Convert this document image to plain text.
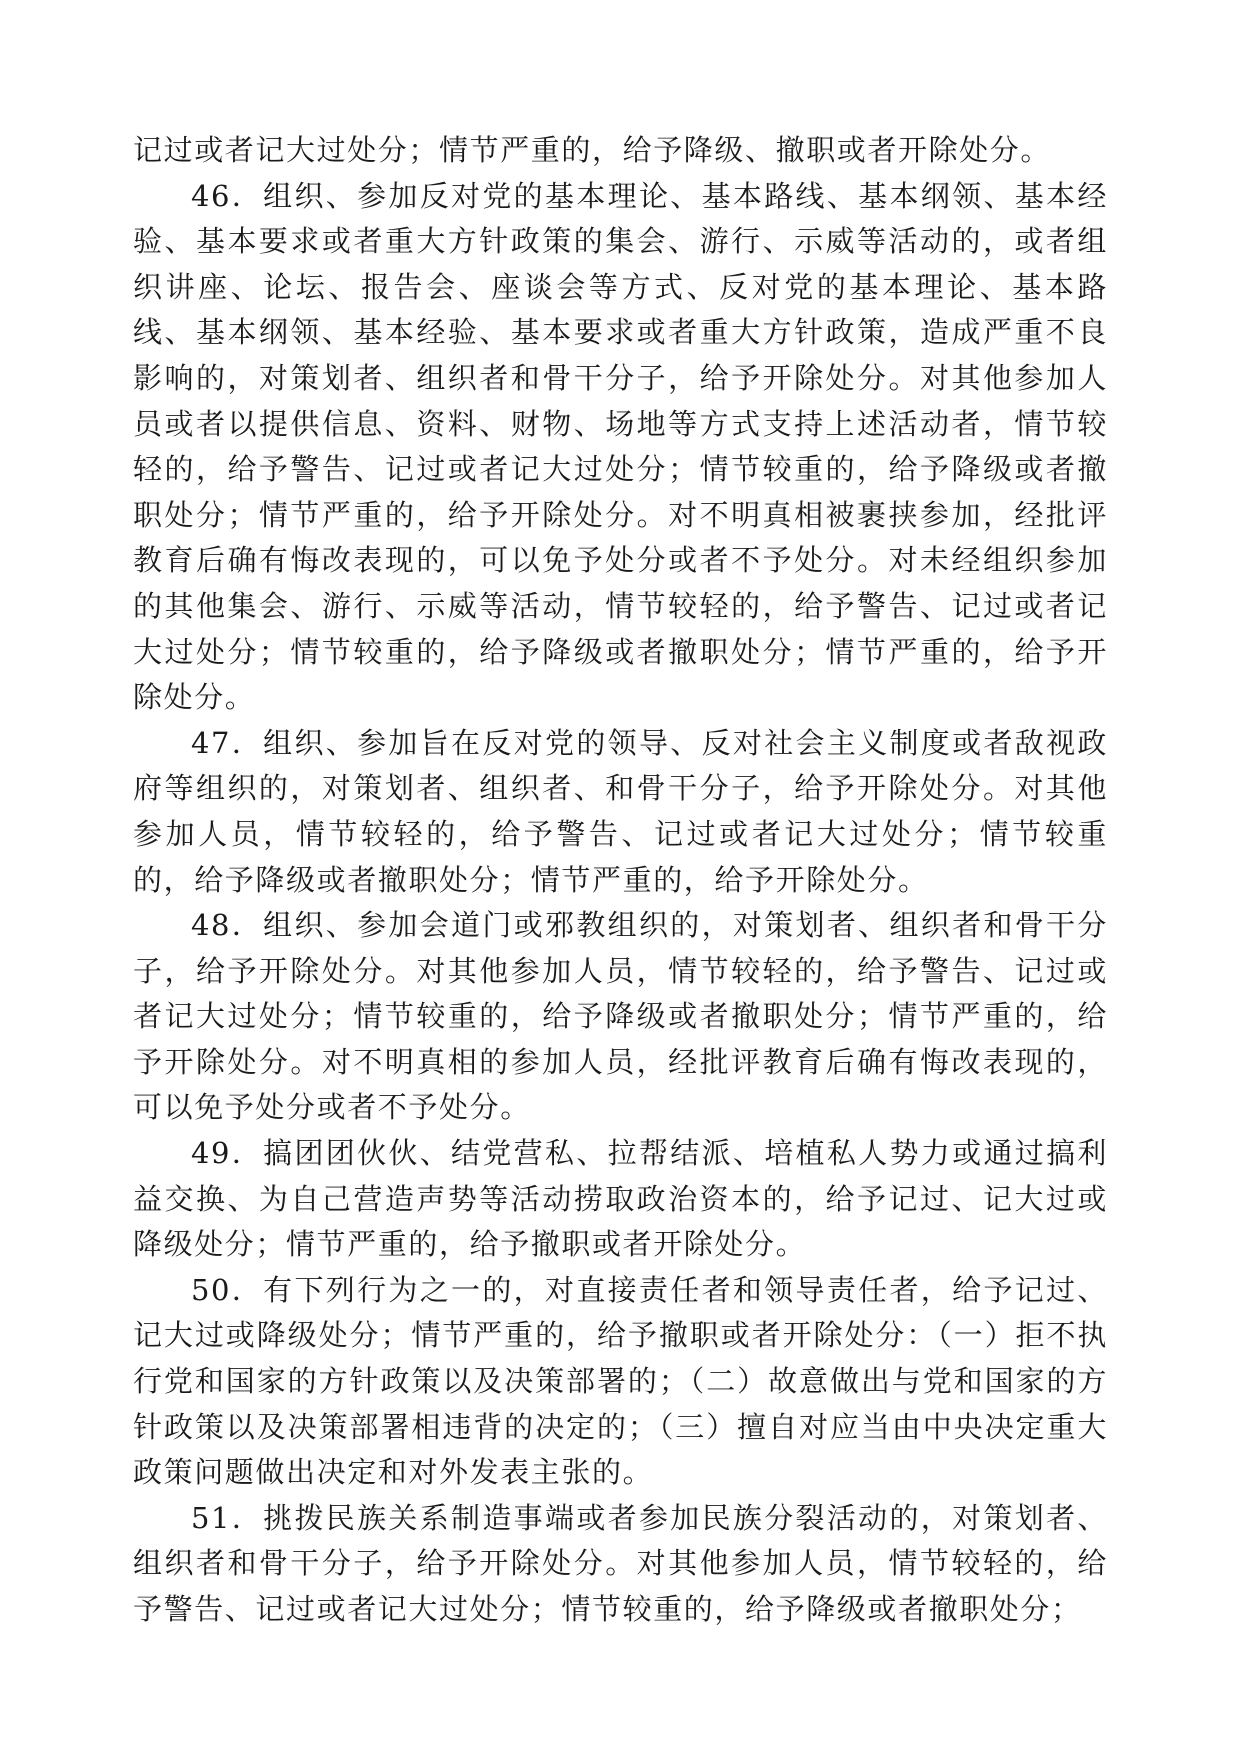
记过或者记大过处分；情节严重的，给予降级、撤职或者开除处分。

46．组织、参加反对党的基本理论、基本路线、基本纲领、基本经验、基本要求或者重大方针政策的集会、游行、示威等活动的，或者组织讲座、论坛、报告会、座谈会等方式、反对党的基本理论、基本路线、基本纲领、基本经验、基本要求或者重大方针政策，造成严重不良影响的，对策划者、组织者和骨干分子，给予开除处分。对其他参加人员或者以提供信息、资料、财物、场地等方式支持上述活动者，情节较轻的，给予警告、记过或者记大过处分；情节较重的，给予降级或者撤职处分；情节严重的，给予开除处分。对不明真相被裹挟参加，经批评教育后确有悔改表现的，可以免予处分或者不予处分。对未经组织参加的其他集会、游行、示威等活动，情节较轻的，给予警告、记过或者记大过处分；情节较重的，给予降级或者撤职处分；情节严重的，给予开除处分。

47．组织、参加旨在反对党的领导、反对社会主义制度或者敌视政府等组织的，对策划者、组织者、和骨干分子，给予开除处分。对其他参加人员，情节较轻的，给予警告、记过或者记大过处分；情节较重的，给予降级或者撤职处分；情节严重的，给予开除处分。

48．组织、参加会道门或邪教组织的，对策划者、组织者和骨干分子，给予开除处分。对其他参加人员，情节较轻的，给予警告、记过或者记大过处分；情节较重的，给予降级或者撤职处分；情节严重的，给予开除处分。对不明真相的参加人员，经批评教育后确有悔改表现的，可以免予处分或者不予处分。

49．搞团团伙伙、结党营私、拉帮结派、培植私人势力或通过搞利益交换、为自己营造声势等活动捞取政治资本的，给予记过、记大过或降级处分；情节严重的，给予撤职或者开除处分。

50．有下列行为之一的，对直接责任者和领导责任者，给予记过、记大过或降级处分；情节严重的，给予撤职或者开除处分：（一）拒不执行党和国家的方针政策以及决策部署的；（二）故意做出与党和国家的方针政策以及决策部署相违背的决定的；（三）擅自对应当由中央决定重大政策问题做出决定和对外发表主张的。

51．挑拨民族关系制造事端或者参加民族分裂活动的，对策划者、组织者和骨干分子，给予开除处分。对其他参加人员，情节较轻的，给予警告、记过或者记大过处分；情节较重的，给予降级或者撤职处分；
